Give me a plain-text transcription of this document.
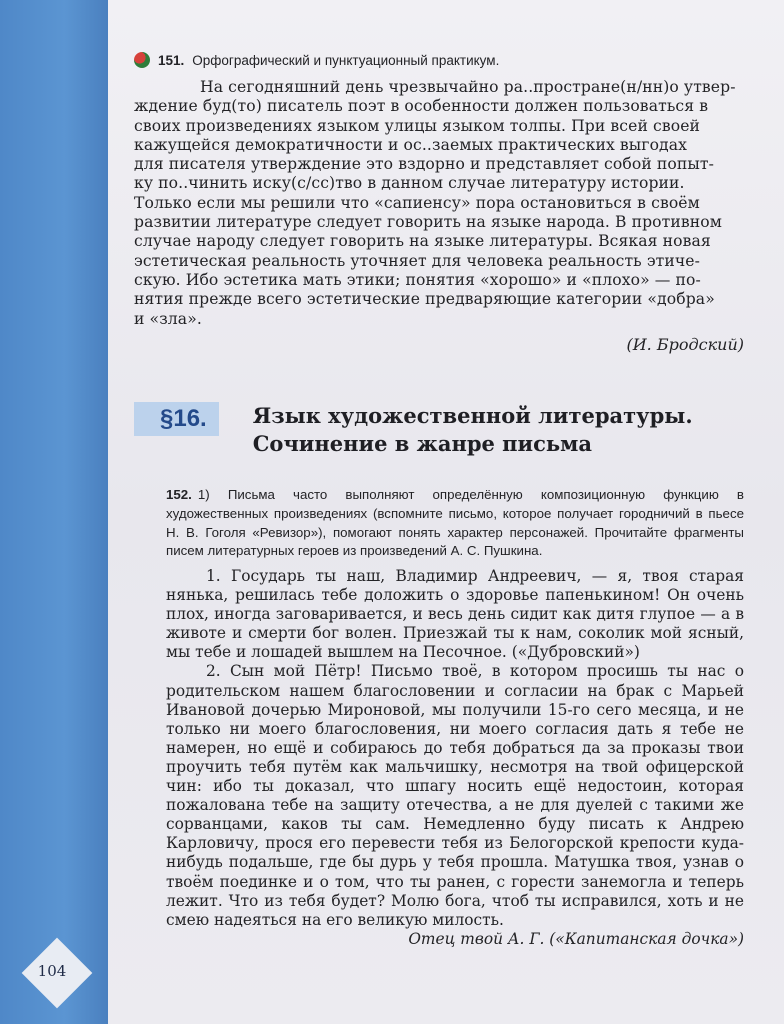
151. Орфографический и пунктуационный практикум.
На сегодняшний день чрезвычайно ра..простране(н/нн)о утвер-
ждение буд(то) писатель поэт в особенности должен пользоваться в
своих произведениях языком улицы языком толпы. При всей своей
кажущейся демократичности и ос..заемых практических выгодах
для писателя утверждение это вздорно и представляет собой попыт-
ку по..чинить иску(с/сс)тво в данном случае литературу истории.
Только если мы решили что «сапиенсу» пора остановиться в своём
развитии литературе следует говорить на языке народа. В противном
случае народу следует говорить на языке литературы. Всякая новая
эстетическая реальность уточняет для человека реальность этиче-
скую. Ибо эстетика мать этики; понятия «хорошо» и «плохо» — по-
нятия прежде всего эстетические предваряющие категории «добра»
и «зла».
(И. Бродский)
§16.	Язык художественной литературы.
Сочинение в жанре письма
152. 1) Письма часто выполняют определённую композиционную функцию в художественных произведениях (вспомните письмо, которое получает городничий в пьесе Н. В. Гоголя «Ревизор»), помогают понять характер персонажей. Прочитайте фрагменты писем литературных героев из произведений А. С. Пушкина.

1. Государь ты наш, Владимир Андреевич, — я, твоя старая нянька, решилась тебе доложить о здоровье папенькином! Он очень плох, иногда заговаривается, и весь день сидит как дитя глупое — а в животе и смерти бог волен. Приезжай ты к нам, соколик мой ясный, мы тебе и лошадей вышлем на Песочное. («Дубровский»)

2. Сын мой Пётр! Письмо твоё, в котором просишь ты нас о родительском нашем благословении и согласии на брак с Марьей Ивановой дочерью Мироновой, мы получили 15-го сего месяца, и не только ни моего благословения, ни моего согласия дать я тебе не намерен, но ещё и собираюсь до тебя добраться да за проказы твои проучить тебя путём как мальчишку, несмотря на твой офицерской чин: ибо ты доказал, что шпагу носить ещё недостоин, которая пожалована тебе на защиту отечества, а не для дуелей с такими же сорванцами, каков ты сам. Немедленно буду писать к Андрею Карловичу, прося его перевести тебя из Белогорской крепости куда-нибудь подальше, где бы дурь у тебя прошла. Матушка твоя, узнав о твоём поединке и о том, что ты ранен, с горести занемогла и теперь лежит. Что из тебя будет? Молю бога, чтоб ты исправился, хоть и не смею надеяться на его великую милость.

Отец твой А. Г. («Капитанская дочка»)
104
